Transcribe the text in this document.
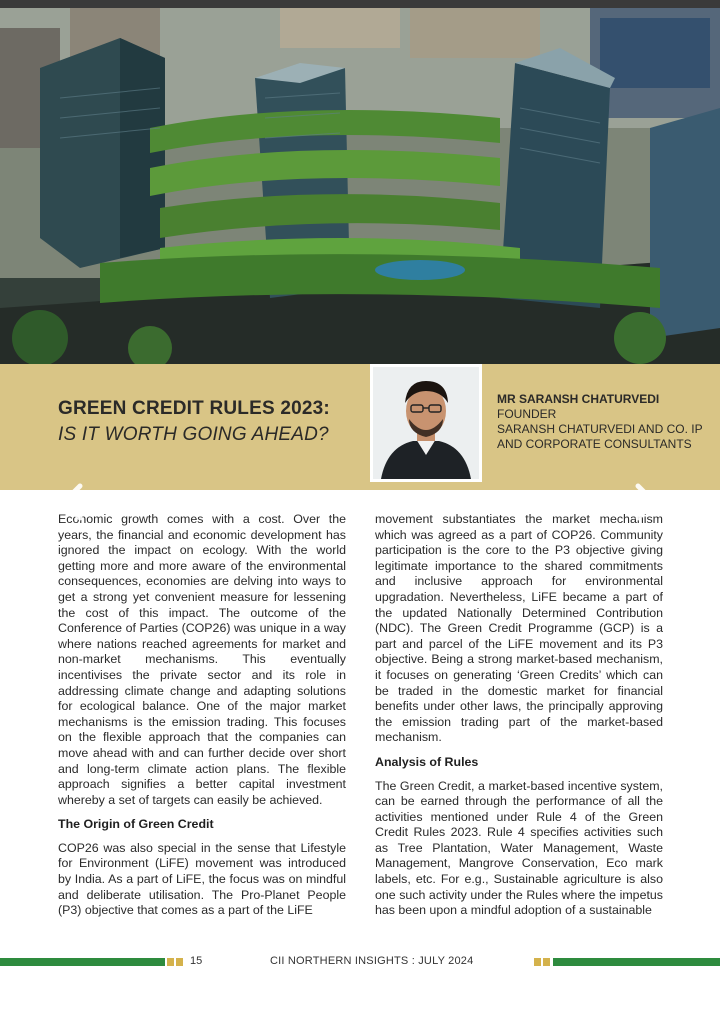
GREEN CREDIT RULES 2023:
IS IT WORTH GOING AHEAD?
MR SARANSH CHATURVEDI
FOUNDER
SARANSH CHATURVEDI AND CO. IP
AND CORPORATE CONSULTANTS

Economic growth comes with a cost. Over the years, the financial and economic development has ignored the impact on ecology. With the world getting more and more aware of the environmental consequences, economies are delving into ways to get a strong yet convenient measure for lessening the cost of this impact. The outcome of the Conference of Parties (COP26) was unique in a way where nations reached agreements for market and non-market mechanisms. This eventually incentivises the private sector and its role in addressing climate change and adapting solutions for ecological balance. One of the major market mechanisms is the emission trading. This focuses on the flexible approach that the companies can move ahead with and can further decide over short and long-term climate action plans. The flexible approach signifies a better capital investment whereby a set of targets can easily be achieved.

The Origin of Green Credit

COP26 was also special in the sense that Lifestyle for Environment (LiFE) movement was introduced by India. As a part of LiFE, the focus was on mindful and deliberate utilisation. The Pro-Planet People (P3) objective that comes as a part of the LiFE

movement substantiates the market mechanism which was agreed as a part of COP26. Community participation is the core to the P3 objective giving legitimate importance to the shared commitments and inclusive approach for environmental upgradation. Nevertheless, LiFE became a part of the updated Nationally Determined Contribution (NDC). The Green Credit Programme (GCP) is a part and parcel of the LiFE movement and its P3 objective. Being a strong market-based mechanism, it focuses on generating ‘Green Credits’ which can be traded in the domestic market for financial benefits under other laws, the principally approving the emission trading part of the market-based mechanism.

Analysis of Rules

The Green Credit, a market-based incentive system, can be earned through the performance of all the activities mentioned under Rule 4 of the Green Credit Rules 2023. Rule 4 specifies activities such as Tree Plantation, Water Management, Waste Management, Mangrove Conservation, Eco mark labels, etc. For e.g., Sustainable agriculture is also one such activity under the Rules where the impetus has been upon a mindful adoption of a sustainable

15	CII NORTHERN INSIGHTS : JULY 2024
